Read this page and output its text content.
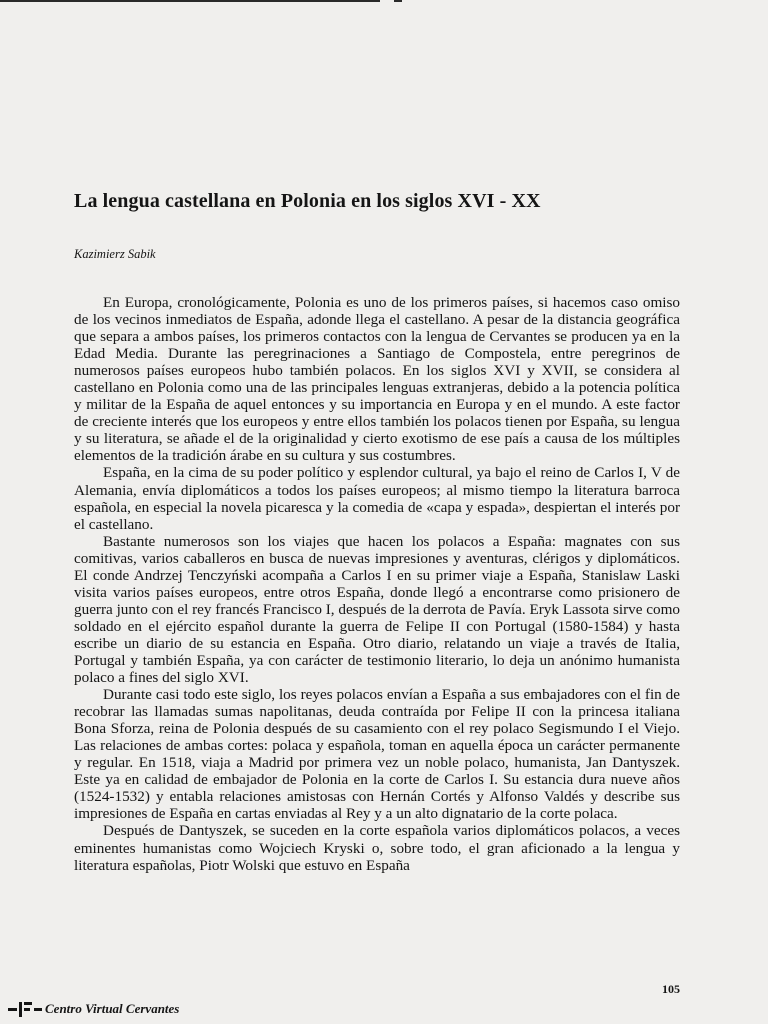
La lengua castellana en Polonia en los siglos XVI - XX
Kazimierz Sabik

En Europa, cronológicamente, Polonia es uno de los primeros países, si hacemos caso omiso de los vecinos inmediatos de España, adonde llega el castellano. A pesar de la distancia geográfica que separa a ambos países, los primeros contactos con la lengua de Cervantes se producen ya en la Edad Media. Durante las peregrinaciones a Santiago de Compostela, entre peregrinos de numerosos países europeos hubo también polacos. En los siglos XVI y XVII, se considera al castellano en Polonia como una de las principales lenguas extranjeras, debido a la potencia política y militar de la España de aquel entonces y su importancia en Europa y en el mundo. A este factor de creciente interés que los europeos y entre ellos también los polacos tienen por España, su lengua y su literatura, se añade el de la originalidad y cierto exotismo de ese país a causa de los múltiples elementos de la tradición árabe en su cultura y sus costumbres.

España, en la cima de su poder político y esplendor cultural, ya bajo el reino de Carlos I, V de Alemania, envía diplomáticos a todos los países europeos; al mismo tiempo la literatura barroca española, en especial la novela picaresca y la comedia de «capa y espada», despiertan el interés por el castellano.

Bastante numerosos son los viajes que hacen los polacos a España: magnates con sus comitivas, varios caballeros en busca de nuevas impresiones y aventuras, clérigos y diplomáticos. El conde Andrzej Tenczyński acompaña a Carlos I en su primer viaje a España, Stanislaw Laski visita varios países europeos, entre otros España, donde llegó a encontrarse como prisionero de guerra junto con el rey francés Francisco I, después de la derrota de Pavía. Eryk Lassota sirve como soldado en el ejército español durante la guerra de Felipe II con Portugal (1580-1584) y hasta escribe un diario de su estancia en España. Otro diario, relatando un viaje a través de Italia, Portugal y también España, ya con carácter de testimonio literario, lo deja un anónimo humanista polaco a fines del siglo XVI.

Durante casi todo este siglo, los reyes polacos envían a España a sus embajadores con el fin de recobrar las llamadas sumas napolitanas, deuda contraída por Felipe II con la princesa italiana Bona Sforza, reina de Polonia después de su casamiento con el rey polaco Segismundo I el Viejo. Las relaciones de ambas cortes: polaca y española, toman en aquella época un carácter permanente y regular. En 1518, viaja a Madrid por primera vez un noble polaco, humanista, Jan Dantyszek. Este ya en calidad de embajador de Polonia en la corte de Carlos I. Su estancia dura nueve años (1524-1532) y entabla relaciones amistosas con Hernán Cortés y Alfonso Valdés y describe sus impresiones de España en cartas enviadas al Rey y a un alto dignatario de la corte polaca.

Después de Dantyszek, se suceden en la corte española varios diplomáticos polacos, a veces eminentes humanistas como Wojciech Kryski o, sobre todo, el gran aficionado a la lengua y literatura españolas, Piotr Wolski que estuvo en España

105
Centro Virtual Cervantes
